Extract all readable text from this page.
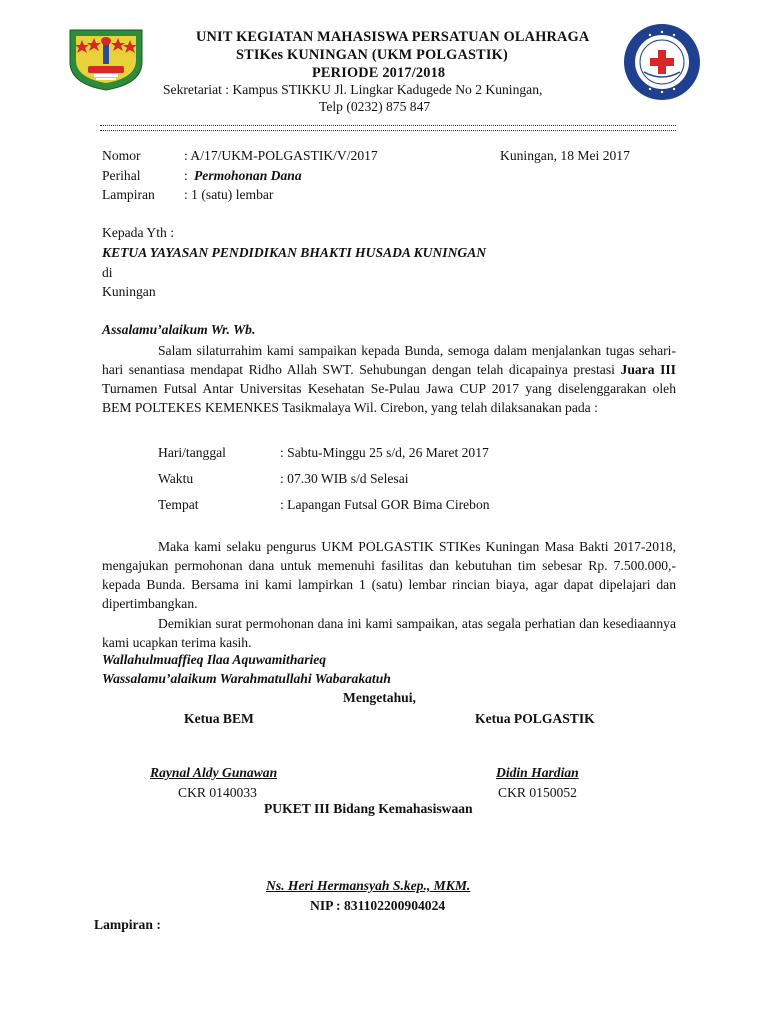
UNIT KEGIATAN MAHASISWA PERSATUAN OLAHRAGA
STIKes KUNINGAN (UKM POLGASTIK)
PERIODE 2017/2018
Sekretariat : Kampus STIKKU Jl. Lingkar Kadugede No 2 Kuningan,
Telp (0232) 875 847
Nomor	: A/17/UKM-POLGASTIK/V/2017	Kuningan, 18 Mei 2017
Perihal	: Permohonan Dana
Lampiran : 1 (satu) lembar
Kepada Yth :
KETUA YAYASAN PENDIDIKAN BHAKTI HUSADA KUNINGAN
di
Kuningan
Assalamu’alaikum Wr. Wb.
Salam silaturrahim kami sampaikan kepada Bunda, semoga dalam menjalankan tugas sehari-hari senantiasa mendapat Ridho Allah SWT. Sehubungan dengan telah dicapainya prestasi Juara III Turnamen Futsal Antar Universitas Kesehatan Se-Pulau Jawa CUP 2017 yang diselenggarakan oleh BEM POLTEKES KEMENKES Tasikmalaya Wil. Cirebon, yang telah dilaksanakan pada :
Hari/tanggal	: Sabtu-Minggu 25 s/d, 26 Maret 2017
Waktu	: 07.30 WIB s/d Selesai
Tempat	: Lapangan Futsal GOR Bima Cirebon
Maka kami selaku pengurus UKM POLGASTIK STIKes Kuningan Masa Bakti 2017-2018, mengajukan permohonan dana untuk memenuhi fasilitas dan kebutuhan tim sebesar Rp. 7.500.000,- kepada Bunda. Bersama ini kami lampirkan 1 (satu) lembar rincian biaya, agar dapat dipelajari dan dipertimbangkan.
Demikian surat permohonan dana ini kami sampaikan, atas segala perhatian dan kesediaannya kami ucapkan terima kasih.
Wallahulmuaffieq Ilaa Aquwamitharieq
Wassalamu’alaikum Warahmatullahi Wabarakatuh
Mengetahui,
Ketua BEM	Ketua POLGASTIK
Raynal Aldy Gunawan	Didin Hardian
CKR 0140033	CKR 0150052
PUKET III Bidang Kemahasiswaan
Ns. Heri Hermansyah S.kep., MKM.
NIP : 831102200904024
Lampiran :
